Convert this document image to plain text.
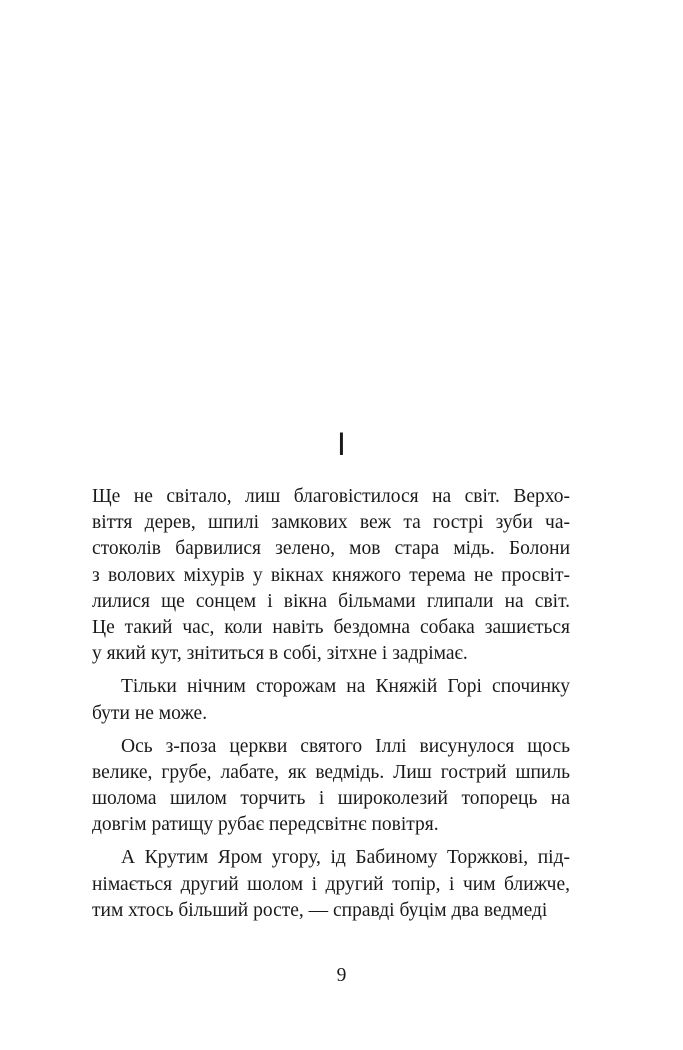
I

Ще не світало, лиш благовістилося на світ. Верхо-
віття дерев, шпилі замкових веж та гострі зуби ча-
стоколів барвилися зелено, мов стара мідь. Болони
з волових міхурів у вікнах княжого терема не просвіт-
лилися ще сонцем і вікна більмами глипали на світ.
Це такий час, коли навіть бездомна собака зашиється
у який кут, знітиться в собі, зітхне і задрімає.

Тільки нічним сторожам на Княжій Горі спочинку
бути не може.

Ось з-поза церкви святого Іллі висунулося щось
велике, грубе, лабате, як ведмідь. Лиш гострий шпиль
шолома шилом торчить і широколезий топорець на
довгім ратищу рубає передсвітнє повітря.

А Крутим Яром угору, ід Бабиному Торжкові, під-
німається другий шолом і другий топір, і чим ближче,
тим хтось більший росте, — справді буцім два ведмеді

9
